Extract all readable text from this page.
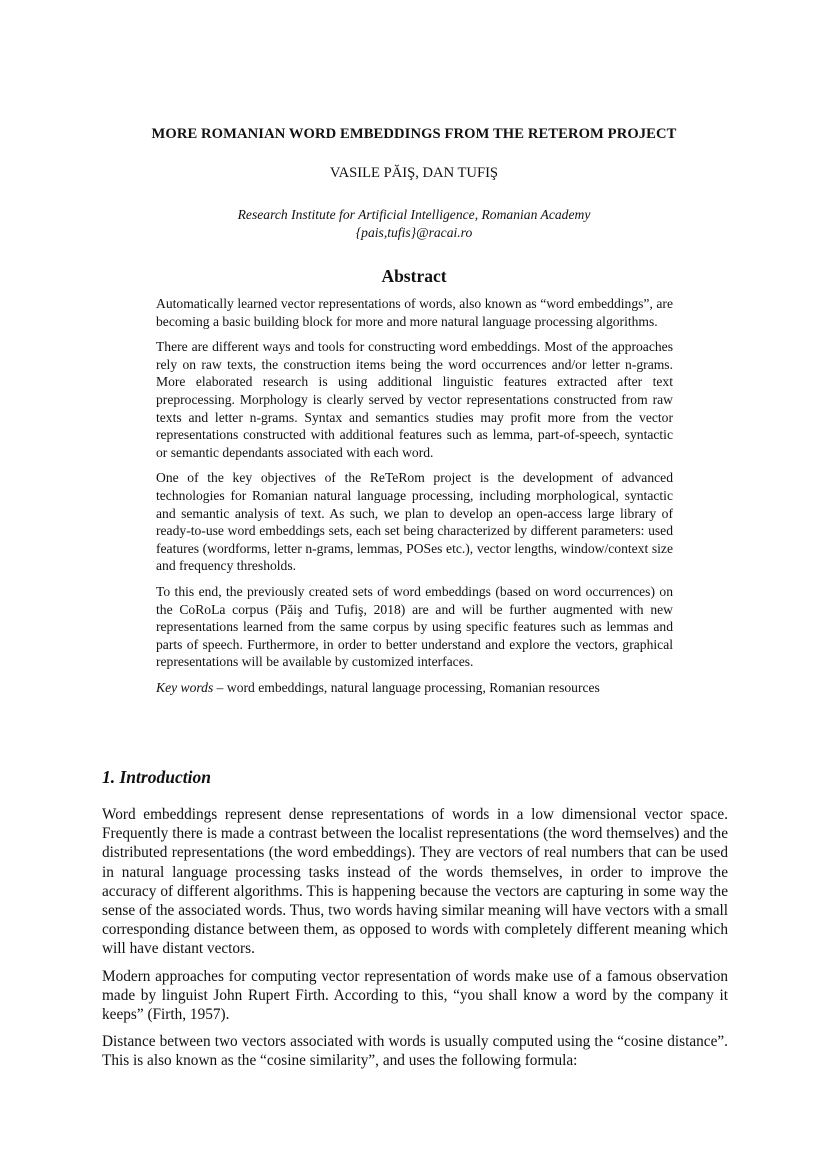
MORE ROMANIAN WORD EMBEDDINGS FROM THE RETEROM PROJECT
VASILE PĂIŞ, DAN TUFIŞ
Research Institute for Artificial Intelligence, Romanian Academy
{pais,tufis}@racai.ro
Abstract

Automatically learned vector representations of words, also known as “word embeddings”, are becoming a basic building block for more and more natural language processing algorithms.

There are different ways and tools for constructing word embeddings. Most of the approaches rely on raw texts, the construction items being the word occurrences and/or letter n-grams. More elaborated research is using additional linguistic features extracted after text preprocessing. Morphology is clearly served by vector representations constructed from raw texts and letter n-grams. Syntax and semantics studies may profit more from the vector representations constructed with additional features such as lemma, part-of-speech, syntactic or semantic dependants associated with each word.

One of the key objectives of the ReTeRom project is the development of advanced technologies for Romanian natural language processing, including morphological, syntactic and semantic analysis of text. As such, we plan to develop an open-access large library of ready-to-use word embeddings sets, each set being characterized by different parameters: used features (wordforms, letter n-grams, lemmas, POSes etc.), vector lengths, window/context size and frequency thresholds.

To this end, the previously created sets of word embeddings (based on word occurrences) on the CoRoLa corpus (Păiş and Tufiş, 2018) are and will be further augmented with new representations learned from the same corpus by using specific features such as lemmas and parts of speech. Furthermore, in order to better understand and explore the vectors, graphical representations will be available by customized interfaces.

Key words – word embeddings, natural language processing, Romanian resources

1. Introduction

Word embeddings represent dense representations of words in a low dimensional vector space. Frequently there is made a contrast between the localist representations (the word themselves) and the distributed representations (the word embeddings). They are vectors of real numbers that can be used in natural language processing tasks instead of the words themselves, in order to improve the accuracy of different algorithms. This is happening because the vectors are capturing in some way the sense of the associated words. Thus, two words having similar meaning will have vectors with a small corresponding distance between them, as opposed to words with completely different meaning which will have distant vectors.

Modern approaches for computing vector representation of words make use of a famous observation made by linguist John Rupert Firth. According to this, “you shall know a word by the company it keeps” (Firth, 1957).

Distance between two vectors associated with words is usually computed using the “cosine distance”. This is also known as the “cosine similarity”, and uses the following formula:
